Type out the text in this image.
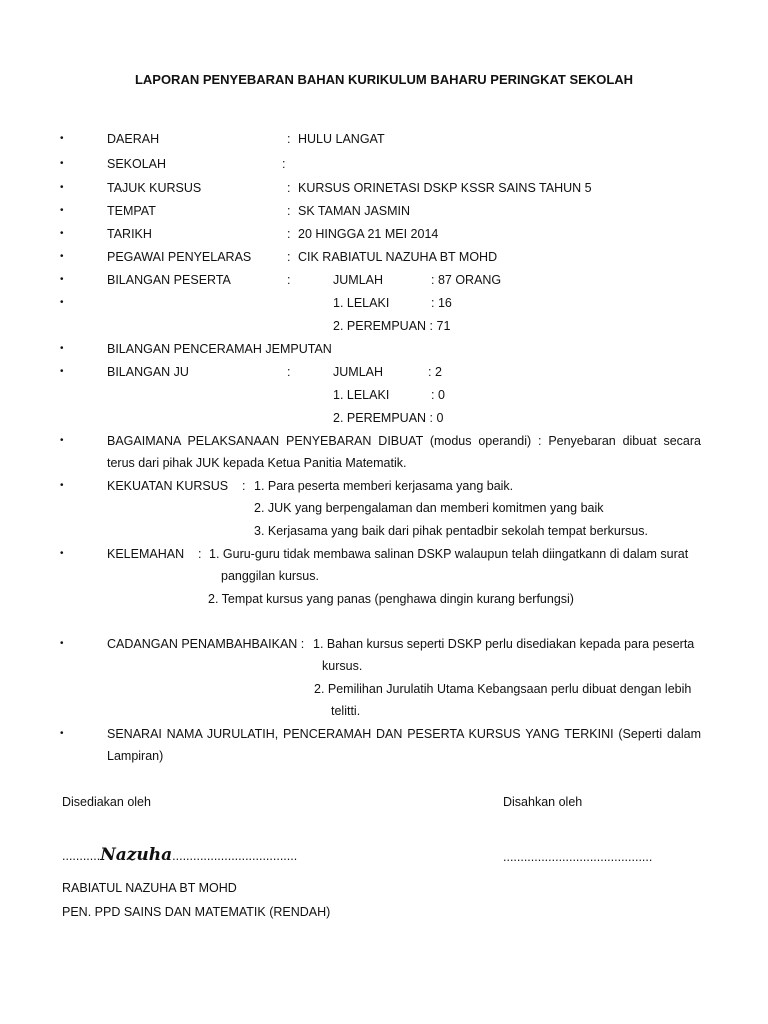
LAPORAN PENYEBARAN BAHAN KURIKULUM BAHARU PERINGKAT SEKOLAH
•
•
•
•
•
•
•
•
•
•
•
•
•
•
•
DAERAH	: HULU LANGAT
SEKOLAH	:
TAJUK KURSUS	: KURSUS ORINETASI DSKP KSSR SAINS TAHUN 5
TEMPAT	: SK TAMAN JASMIN
TARIKH	: 20 HINGGA 21 MEI 2014
PEGAWAI PENYELARAS	: CIK RABIATUL NAZUHA BT MOHD
BILANGAN PESERTA	:	JUMLAH	: 87 ORANG
1. LELAKI	: 16
2. PEREMPUAN : 71
BILANGAN PENCERAMAH JEMPUTAN
BILANGAN JU	:	JUMLAH	: 2
1. LELAKI	: 0
2. PEREMPUAN : 0
BAGAIMANA PELAKSANAAN PENYEBARAN DIBUAT (modus operandi) : Penyebaran dibuat secara
terus dari pihak JUK kepada Ketua Panitia Matematik.
KEKUATAN KURSUS : 1. Para peserta memberi kerjasama yang baik.
2. JUK yang berpengalaman dan memberi komitmen yang baik
3. Kerjasama yang baik dari pihak pentadbir sekolah tempat berkursus.
KELEMAHAN : 1. Guru-guru tidak membawa salinan DSKP walaupun telah diingatkann di dalam surat
panggilan kursus.
2. Tempat kursus yang panas (penghawa dingin kurang berfungsi)
CADANGAN PENAMBAHBAIKAN : 1. Bahan kursus seperti DSKP perlu disediakan kepada para peserta
kursus.
2. Pemilihan Jurulatih Utama Kebangsaan perlu dibuat dengan lebih
telitti.
SENARAI NAMA JURULATIH, PENCERAMAH DAN PESERTA KURSUS YANG TERKINI (Seperti dalam
Lampiran)
Disediakan oleh	Disahkan oleh
...........Nazuha....................................	...........................................
RABIATUL NAZUHA BT MOHD
PEN. PPD SAINS DAN MATEMATIK (RENDAH)
